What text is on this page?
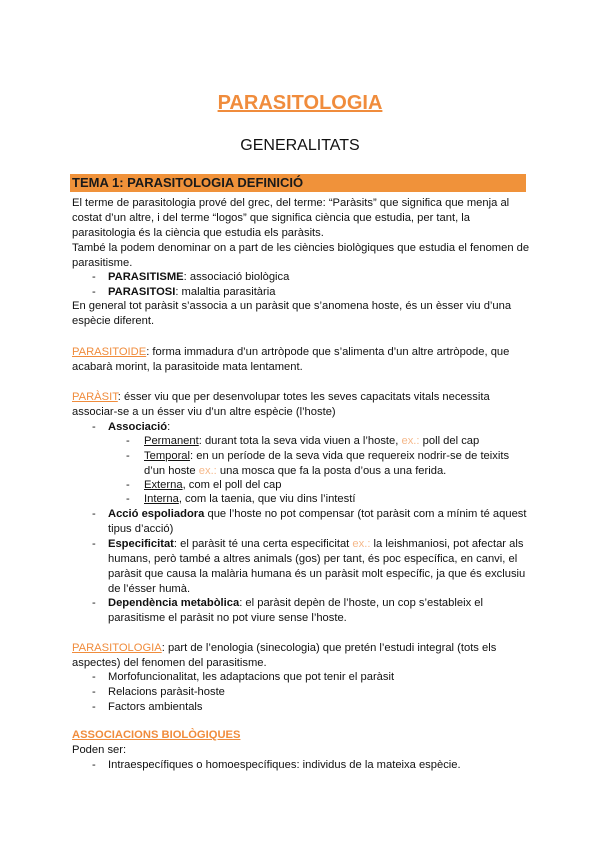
PARASITOLOGIA
GENERALITATS
TEMA 1: PARASITOLOGIA DEFINICIÓ
El terme de parasitologia prové del grec, del terme: “Paràsits” que significa que menja al
costat d’un altre, i del terme “logos” que significa ciència que estudia, per tant, la
parasitologia és la ciència que estudia els paràsits.
També la podem denominar on a part de les ciències biològiques que estudia el fenomen de
parasitisme.
- PARASITISME: associació biològica
- PARASITOSI: malaltia parasitària
En general tot paràsit s’associa a un paràsit que s’anomena hoste, és un èsser viu d’una
espècie diferent.
PARASITOIDE: forma immadura d’un artròpode que s’alimenta d’un altre artròpode, que
acabarà morint, la parasitoide mata lentament.
PARÀSIT: ésser viu que per desenvolupar totes les seves capacitats vitals necessita
associar-se a un ésser viu d’un altre espècie (l’hoste)
- Associació:
- Permanent: durant tota la seva vida viuen a l’hoste, ex.: poll del cap
- Temporal: en un període de la seva vida que requereix nodrir-se de teixits
d’un hoste ex.: una mosca que fa la posta d’ous a una ferida.
- Externa, com el poll del cap
- Interna, com la taenia, que viu dins l’intestí
- Acció espoliadora que l’hoste no pot compensar (tot paràsit com a mínim té aquest
tipus d’acció)
- Especificitat: el paràsit té una certa especificitat ex.: la leishmaniosi, pot afectar als
humans, però també a altres animals (gos) per tant, és poc específica, en canvi, el
paràsit que causa la malària humana és un paràsit molt específic, ja que és exclusiu
de l’ésser humà.
- Dependència metabòlica: el paràsit depèn de l’hoste, un cop s’estableix el
parasitisme el paràsit no pot viure sense l’hoste.
PARASITOLOGIA: part de l’enologia (sinecologia) que pretén l’estudi integral (tots els
aspectes) del fenomen del parasitisme.
- Morfofuncionalitat, les adaptacions que pot tenir el paràsit
- Relacions paràsit-hoste
- Factors ambientals
ASSOCIACIONS BIOLÒGIQUES
Poden ser:
- Intraespecífiques o homoespecífiques: individus de la mateixa espècie.
